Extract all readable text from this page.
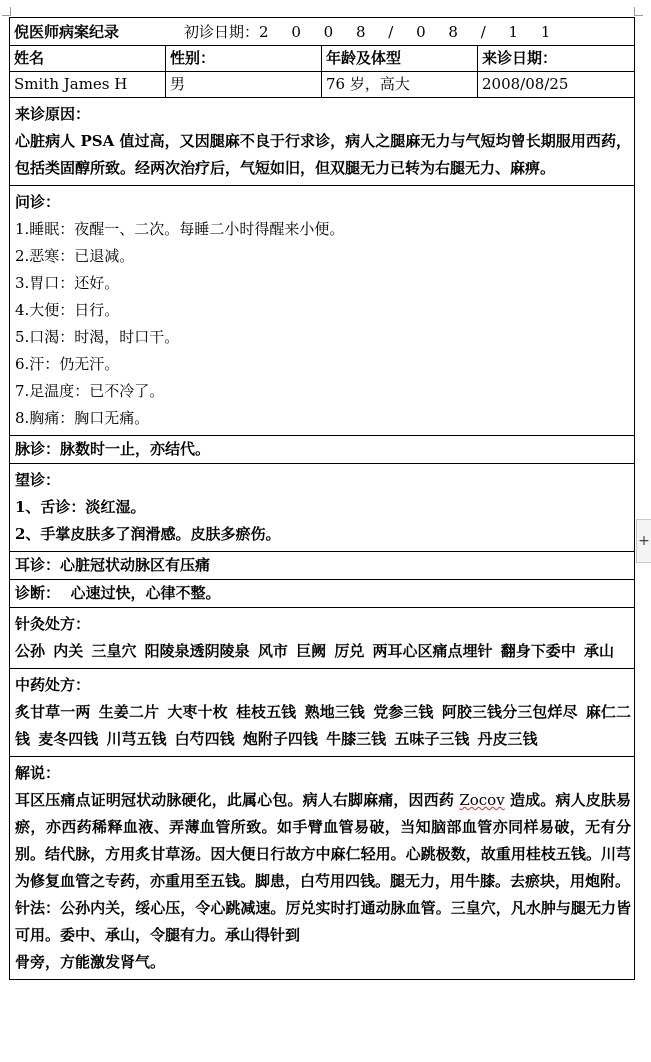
倪医师病案纪录	初诊日期： 2 0 0 8 / 0 8 / 1 1
姓名	性别：	年龄及体型	来诊日期：
Smith James H	男	76 岁，高大	2008/08/25
来诊原因：
心脏病人 PSA 值过高，又因腿麻不良于行求诊，病人之腿麻无力与气短均曾长期服用西药，包括类固醇所致。经两次治疗后，气短如旧，但双腿无力已转为右腿无力、麻痹。
问诊：
1.睡眠：夜醒一、二次。每睡二小时得醒来小便。
2.恶寒：已退减。
3.胃口：还好。
4.大便：日行。
5.口渴：时渴，时口干。
6.汗：仍无汗。
7.足温度：已不冷了。
8.胸痛：胸口无痛。
脉诊：脉数时一止，亦结代。
望诊：
1、舌诊：淡红湿。
2、手掌皮肤多了润滑感。皮肤多瘀伤。
耳诊：心脏冠状动脉区有压痛
诊断： 心速过快，心律不整。
针灸处方：
公孙 内关 三皇穴 阳陵泉透阴陵泉 风市 巨阙 厉兑 两耳心区痛点埋针 翻身下委中 承山
中药处方：
炙甘草一两 生姜二片 大枣十枚 桂枝五钱 熟地三钱 党参三钱 阿胶三钱分三包烊尽 麻仁二钱 麦冬四钱 川芎五钱 白芍四钱 炮附子四钱 牛膝三钱 五味子三钱 丹皮三钱
解说：
耳区压痛点证明冠状动脉硬化，此属心包。病人右脚麻痛，因西药 Zocov 造成。病人皮肤易瘀，亦西药稀释血液、弄薄血管所致。如手臂血管易破，当知脑部血管亦同样易破，无有分别。结代脉，方用炙甘草汤。因大便日行故方中麻仁轻用。心跳极数，故重用桂枝五钱。川芎为修复血管之专药，亦重用至五钱。脚患，白芍用四钱。腿无力，用牛膝。去瘀块，用炮附。
针法：公孙内关，绥心压，令心跳减速。厉兑实时打通动脉血管。三皇穴，凡水肿与腿无力皆可用。委中、承山，令腿有力。承山得针到
骨旁，方能激发肾气。
+
